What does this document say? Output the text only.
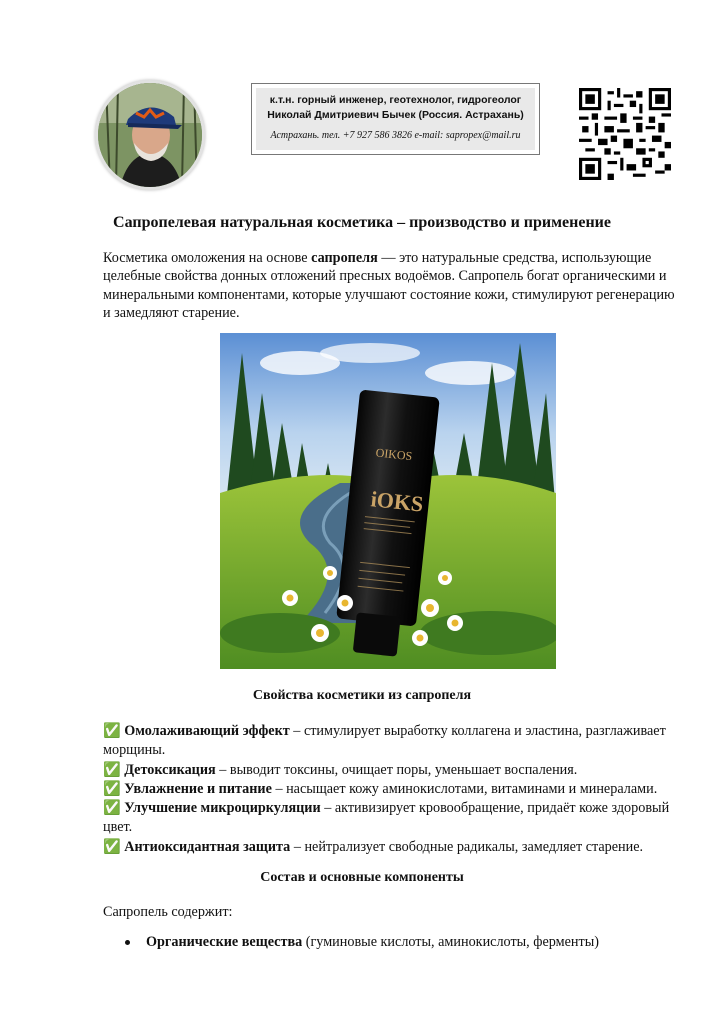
к.т.н. горный инженер, геотехнолог, гидрогеолог
Николай Дмитриевич Бычек (Россия. Астрахань)
Астрахань. тел. +7 927 586 3826 e-mail: sapropex@mail.ru
Сапропелевая натуральная косметика – производство и применение
Косметика омоложения на основе сапропеля — это натуральные средства, использующие целебные свойства донных отложений пресных водоёмов. Сапропель богат органическими и минеральными компонентами, которые улучшают состояние кожи, стимулируют регенерацию и замедляют старение.
OIKOS
iOKS
Свойства косметики из сапропеля
✅ Омолаживающий эффект – стимулирует выработку коллагена и эластина, разглаживает морщины.
✅ Детоксикация – выводит токсины, очищает поры, уменьшает воспаления.
✅ Увлажнение и питание – насыщает кожу аминокислотами, витаминами и минералами.
✅ Улучшение микроциркуляции – активизирует кровообращение, придаёт коже здоровый цвет.
✅ Антиоксидантная защита – нейтрализует свободные радикалы, замедляет старение.
Состав и основные компоненты
Сапропель содержит:
Органические вещества (гуминовые кислоты, аминокислоты, ферменты)
